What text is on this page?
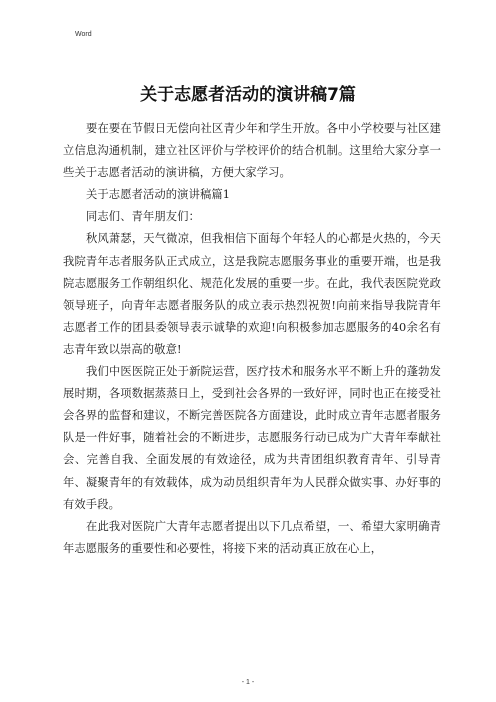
Word
关于志愿者活动的演讲稿7篇

要在要在节假日无偿向社区青少年和学生开放。各中小学校要与社区建立信息沟通机制，建立社区评价与学校评价的结合机制。这里给大家分享一些关于志愿者活动的演讲稿，方便大家学习。

关于志愿者活动的演讲稿篇1

同志们、青年朋友们：

秋风萧瑟，天气微凉，但我相信下面每个年轻人的心都是火热的，今天我院青年志者服务队正式成立，这是我院志愿服务事业的重要开端，也是我院志愿服务工作朝组织化、规范化发展的重要一步。在此，我代表医院党政领导班子，向青年志愿者服务队的成立表示热烈祝贺!向前来指导我院青年志愿者工作的团县委领导表示诚挚的欢迎!向积极参加志愿服务的40余名有志青年致以崇高的敬意!

我们中医医院正处于新院运营，医疗技术和服务水平不断上升的蓬勃发展时期，各项数据蒸蒸日上，受到社会各界的一致好评，同时也正在接受社会各界的监督和建议，不断完善医院各方面建设，此时成立青年志愿者服务队是一件好事，随着社会的不断进步，志愿服务行动已成为广大青年奉献社会、完善自我、全面发展的有效途径，成为共青团组织教育青年、引导青年、凝聚青年的有效载体，成为动员组织青年为人民群众做实事、办好事的有效手段。

在此我对医院广大青年志愿者提出以下几点希望，一、希望大家明确青年志愿服务的重要性和必要性，将接下来的活动真正放在心上，

- 1 -
